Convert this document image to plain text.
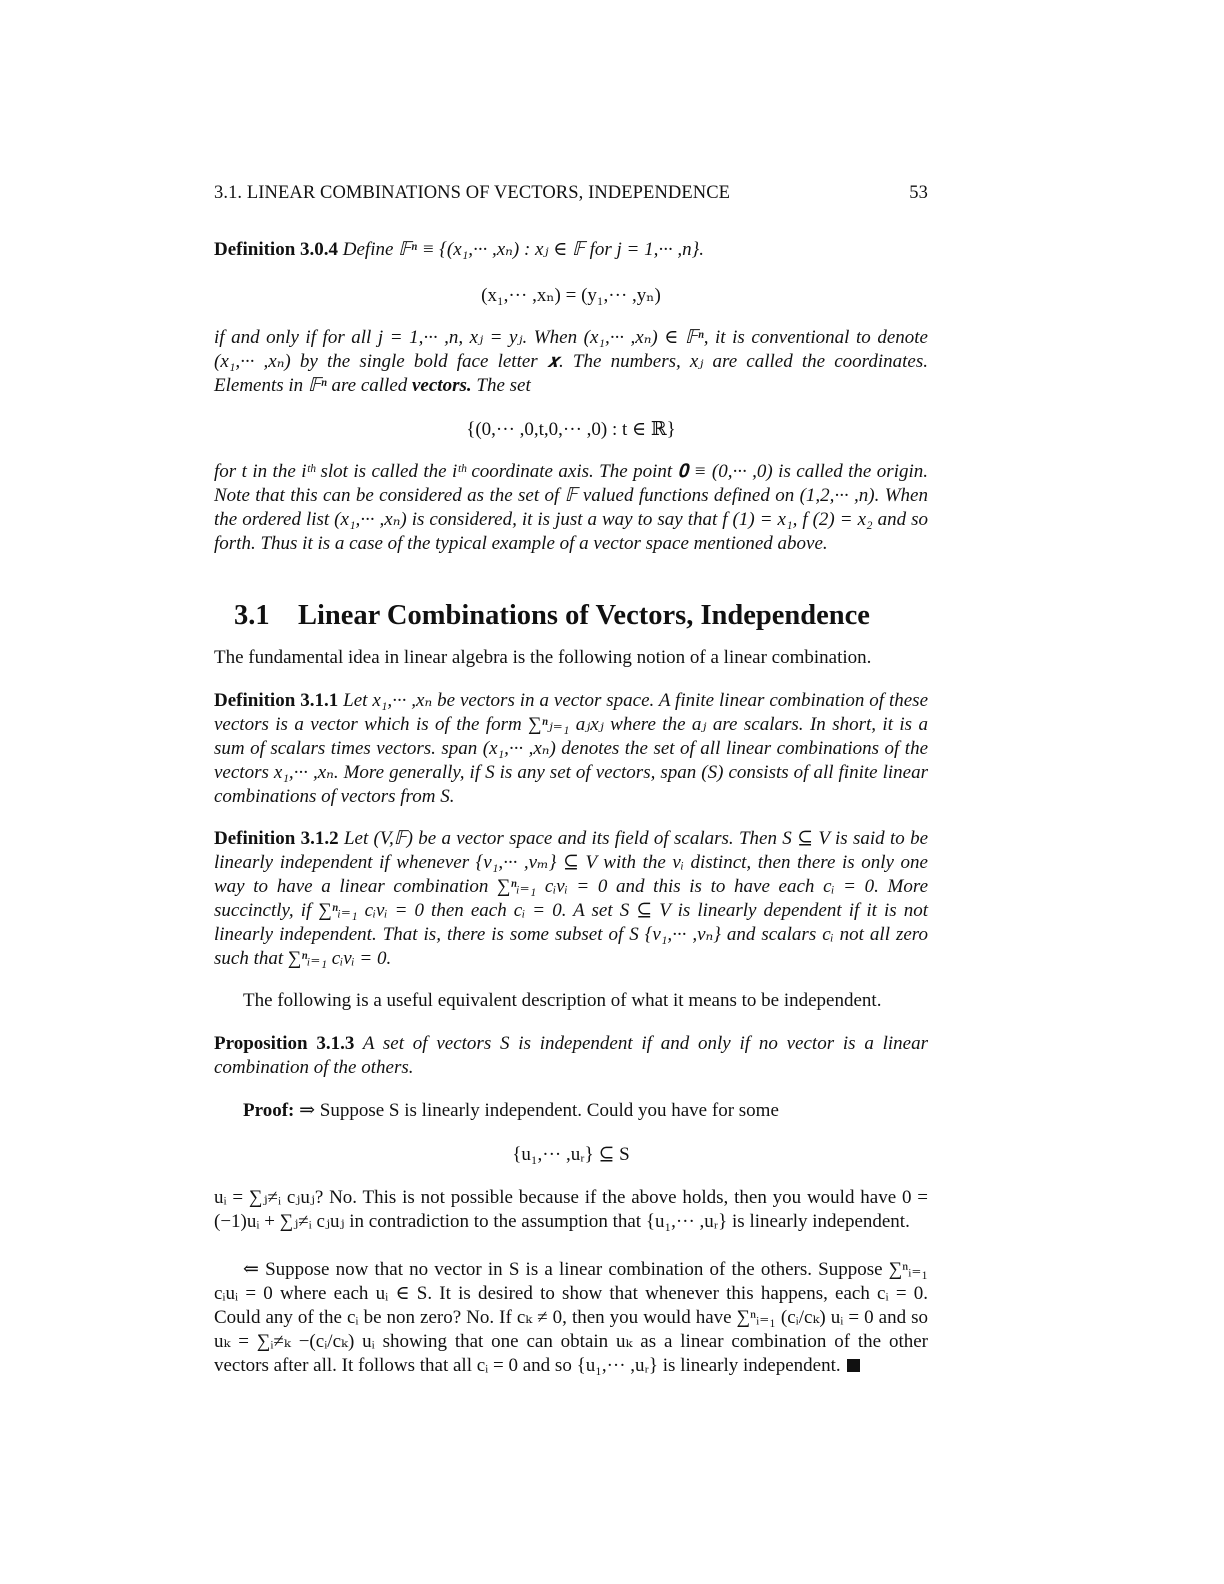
3.1. LINEAR COMBINATIONS OF VECTORS, INDEPENDENCE	53
Definition 3.0.4 Define 𝔽ⁿ ≡ {(x₁,··· ,xₙ) : xⱼ ∈ 𝔽 for j = 1,··· ,n}.
(x₁,··· ,xₙ) = (y₁,··· ,yₙ)
if and only if for all j = 1,··· ,n, xⱼ = yⱼ. When (x₁,··· ,xₙ) ∈ 𝔽ⁿ, it is conventional to denote (x₁,··· ,xₙ) by the single bold face letter 𝒙. The numbers, xⱼ are called the coordinates. Elements in 𝔽ⁿ are called vectors. The set
{(0,··· ,0,t,0,··· ,0) : t ∈ ℝ}
for t in the iᵗʰ slot is called the iᵗʰ coordinate axis. The point 𝟎 ≡ (0,··· ,0) is called the origin. Note that this can be considered as the set of 𝔽 valued functions defined on (1,2,··· ,n). When the ordered list (x₁,··· ,xₙ) is considered, it is just a way to say that f (1) = x₁, f (2) = x₂ and so forth. Thus it is a case of the typical example of a vector space mentioned above.
3.1 Linear Combinations of Vectors, Independence
The fundamental idea in linear algebra is the following notion of a linear combination.
Definition 3.1.1 Let x₁,··· ,xₙ be vectors in a vector space. A finite linear combination of these vectors is a vector which is of the form ∑ⁿⱼ₌₁ aⱼxⱼ where the aⱼ are scalars. In short, it is a sum of scalars times vectors. span (x₁,··· ,xₙ) denotes the set of all linear combinations of the vectors x₁,··· ,xₙ. More generally, if S is any set of vectors, span (S) consists of all finite linear combinations of vectors from S.
Definition 3.1.2 Let (V,𝔽) be a vector space and its field of scalars. Then S ⊆ V is said to be linearly independent if whenever {v₁,··· ,vₘ} ⊆ V with the vᵢ distinct, then there is only one way to have a linear combination ∑ⁿᵢ₌₁ cᵢvᵢ = 0 and this is to have each cᵢ = 0. More succinctly, if ∑ⁿᵢ₌₁ cᵢvᵢ = 0 then each cᵢ = 0. A set S ⊆ V is linearly dependent if it is not linearly independent. That is, there is some subset of S {v₁,··· ,vₙ} and scalars cᵢ not all zero such that ∑ⁿᵢ₌₁ cᵢvᵢ = 0.
The following is a useful equivalent description of what it means to be independent.
Proposition 3.1.3 A set of vectors S is independent if and only if no vector is a linear combination of the others.
Proof: ⇒ Suppose S is linearly independent. Could you have for some
{u₁,··· ,uᵣ} ⊆ S
uᵢ = ∑ⱼ≠ᵢ cⱼuⱼ? No. This is not possible because if the above holds, then you would have 0 = (−1)uᵢ + ∑ⱼ≠ᵢ cⱼuⱼ in contradiction to the assumption that {u₁,··· ,uᵣ} is linearly independent.
⇐ Suppose now that no vector in S is a linear combination of the others. Suppose ∑ⁿᵢ₌₁ cᵢuᵢ = 0 where each uᵢ ∈ S. It is desired to show that whenever this happens, each cᵢ = 0. Could any of the cᵢ be non zero? No. If cₖ ≠ 0, then you would have ∑ⁿᵢ₌₁ (cᵢ/cₖ) uᵢ = 0 and so uₖ = ∑ᵢ≠ₖ −(cᵢ/cₖ) uᵢ showing that one can obtain uₖ as a linear combination of the other vectors after all. It follows that all cᵢ = 0 and so {u₁,··· ,uᵣ} is linearly independent.
